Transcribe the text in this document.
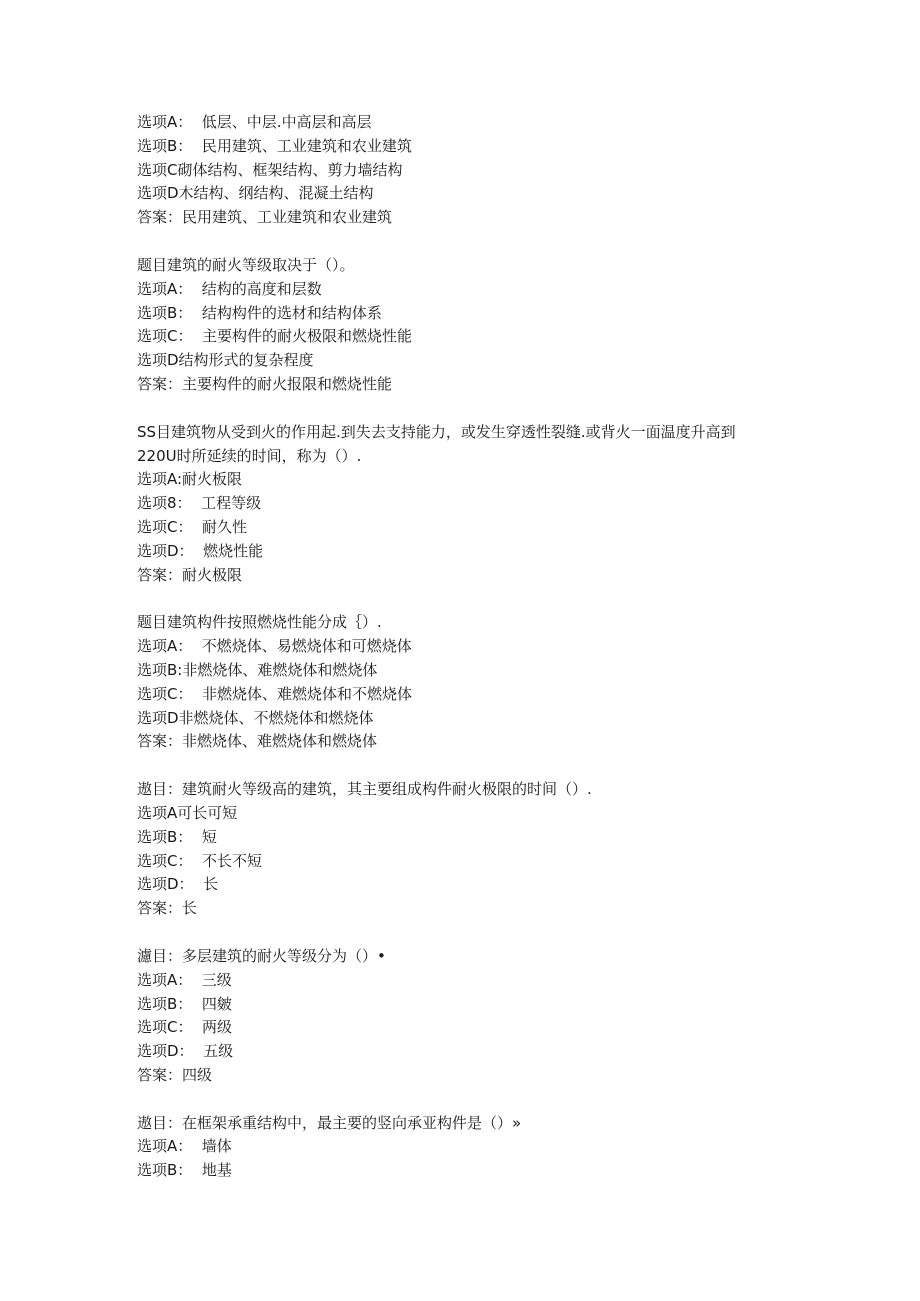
选项A：  低层、中层.中高层和高层
选项B：  民用建筑、工业建筑和农业建筑
选项C砌体结构、框架结构、剪力墙结构
选项D木结构、纲结构、混凝土结构
答案：民用建筑、工业建筑和农业建筑
题目建筑的耐火等级取决于（）。
选项A：  结构的高度和层数
选项B：  结构构件的选材和结构体系
选项C：  主要构件的耐火极限和燃烧性能
选项D结构形式的复杂程度
答案：主要构件的耐火报限和燃烧性能
SS目建筑物从受到火的作用起.到失去支持能力，或发生穿透性裂缝.或背火一面温度升高到220U时所延续的时间，称为（）.
选项A:耐火板限
选项8：  工程等级
选项C：  耐久性
选项D：  燃烧性能
答案：耐火极限
题目建筑构件按照燃烧性能分成｛）.
选项A：  不燃烧体、易燃烧体和可燃烧体
选项B:非燃烧体、难燃烧体和燃烧体
选项C：  非燃烧体、难燃烧体和不燃烧体
选项D非燃烧体、不燃烧体和燃烧体
答案：非燃烧体、难燃烧体和燃烧体
遨目：建筑耐火等级高的建筑，其主要组成构件耐火极限的时间（）.
选项A可长可短
选项B：  短
选项C：  不长不短
选项D：  长
答案：长
濾目：多层建筑的耐火等级分为（）•
选项A：  三级
选项B：  四皴
选项C：  两级
选项D：  五级
答案：四级
遨目：在框架承重结构中，最主要的竖向承亚构件是（）»
选项A：  墙体
选项B：  地基
